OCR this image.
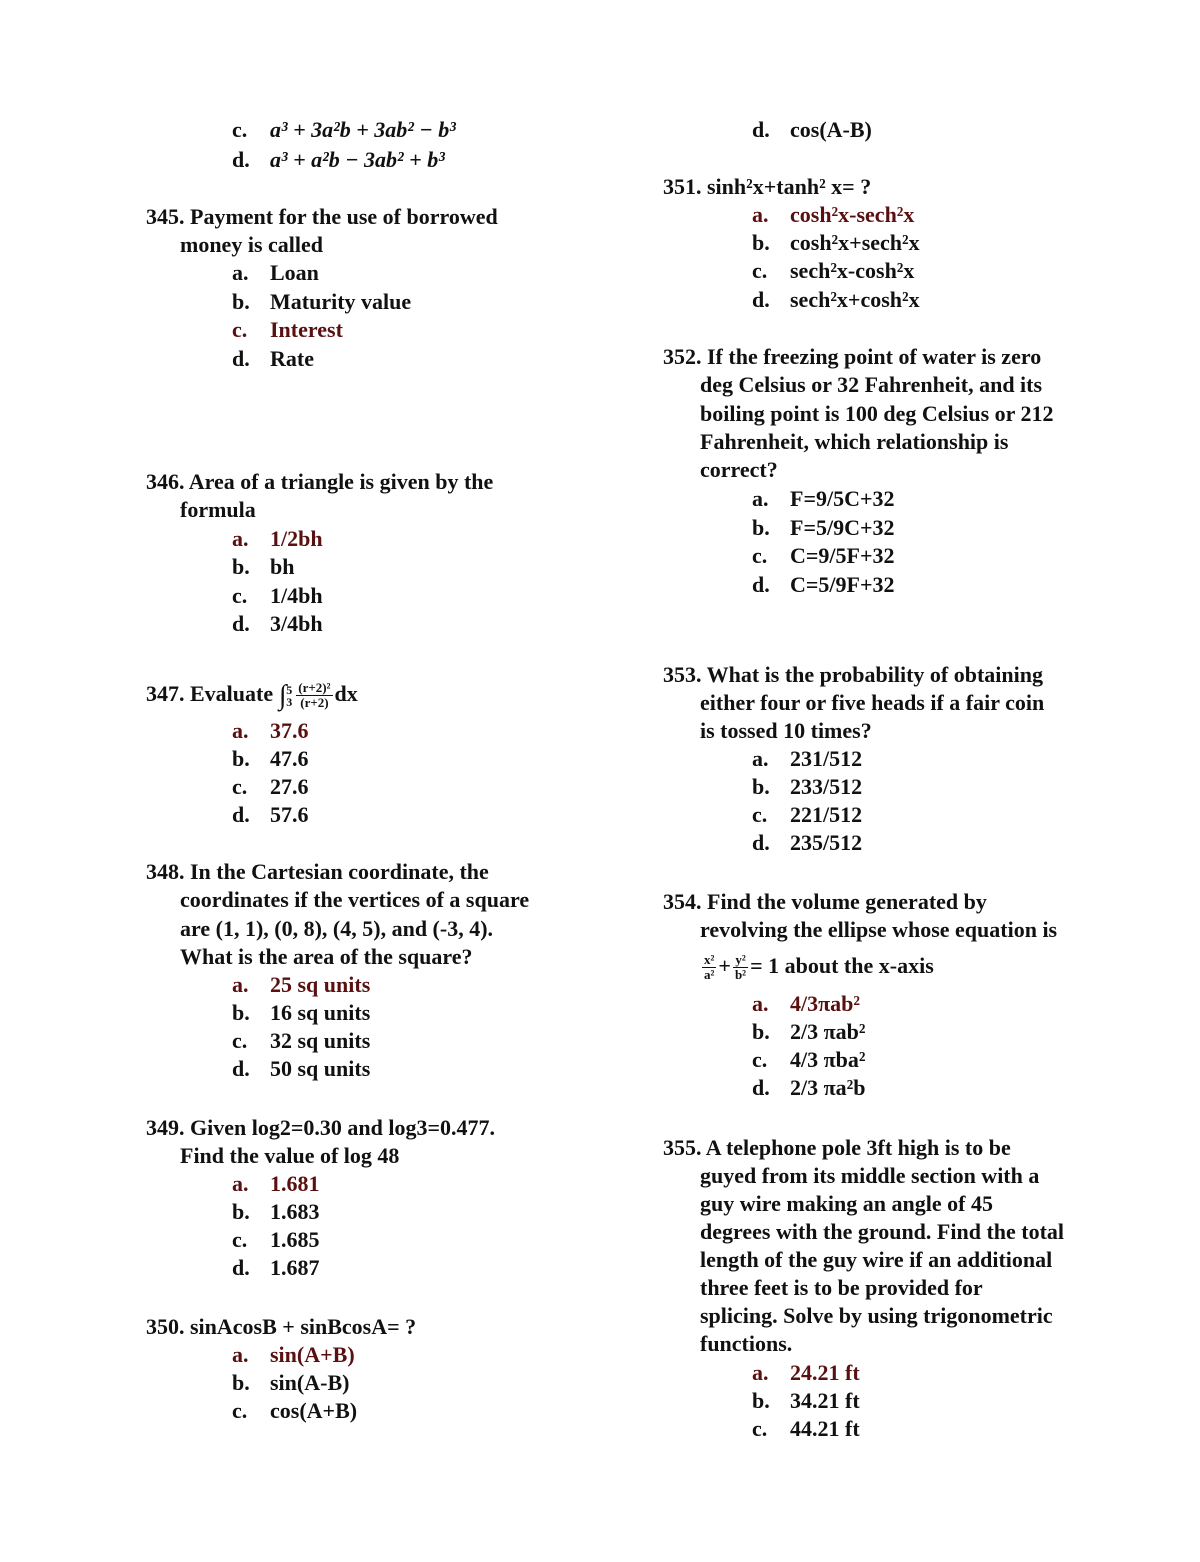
c. a³ + 3a²b + 3ab² − b³
d. a³ + a²b − 3ab² + b³
345. Payment for the use of borrowed
money is called
a. Loan
b. Maturity value
c. Interest
d. Rate
346. Area of a triangle is given by the
formula
a. 1/2bh
b. bh
c. 1/4bh
d. 3/4bh
347. Evaluate ∫ 5
$3 \frac{\text{(r+2)²}}{(r+2)}$ dx
a. 37.6
b. 47.6
c. 27.6
d. 57.6
348. In the Cartesian coordinate, the
coordinates if the vertices of a square
are (1, 1), (0, 8), (4, 5), and (-3, 4).
What is the area of the square?
a. 25 sq units
b. 16 sq units
c. 32 sq units
d. 50 sq units
349. Given log2=0.30 and log3=0.477.
Find the value of log 48
a. 1.681
b. 1.683
c. 1.685
d. 1.687
350. sinAcosB + sinBcosA= ?
a. sin(A+B)
b. sin(A-B)
c. cos(A+B)
d. cos(A-B)
351. sinh²x+tanh² x= ?
a. cosh²x-sech²x
b. cosh²x+sech²x
c. sech²x-cosh²x
d. sech²x+cosh²x
352. If the freezing point of water is zero
deg Celsius or 32 Fahrenheit, and its
boiling point is 100 deg Celsius or 212
Fahrenheit, which relationship is
correct?
a. F=9/5C+32
b. F=5/9C+32
c. C=9/5F+32
d. C=5/9F+32
353. What is the probability of obtaining
either four or five heads if a fair coin
is tossed 10 times?
a. 231/512
b. 233/512
c. 221/512
d. 235/512
354. Find the volume generated by
revolving the ellipse whose equation is
$\frac{\text{x²}}{\text{a²}} + \frac{\text{y²}}{\text{b²}} = 1$ about the x-axis
a. 4/3πab²
b. 2/3 πab²
c. 4/3 πba²
d. 2/3 πa²b
355. A telephone pole 3ft high is to be
guyed from its middle section with a
guy wire making an angle of 45
degrees with the ground. Find the total
length of the guy wire if an additional
three feet is to be provided for
splicing. Solve by using trigonometric
functions.
a. 24.21 ft
b. 34.21 ft
c. 44.21 ft
